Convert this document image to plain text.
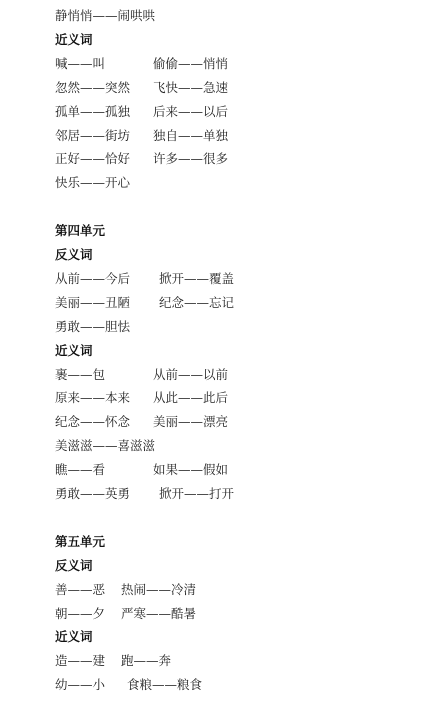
静悄悄——闹哄哄
近义词
喊——叫	偷偷——悄悄
忽然——突然 飞快——急速
孤单——孤独 后来——以后
邻居——街坊 独自——单独
正好——恰好 许多——很多
快乐——开心
第四单元
反义词
从前——今后 掀开——覆盖
美丽——丑陋 纪念——忘记
勇敢——胆怯
近义词
裹——包	从前——以前
原来——本来 从此——此后
纪念——怀念 美丽——漂亮
美滋滋——喜滋滋
瞧——看	如果——假如
勇敢——英勇 掀开——打开
第五单元
反义词
善——恶 热闹——冷清
朝——夕 严寒——酷暑
近义词
造——建 跑——奔
幼——小 食粮——粮食
